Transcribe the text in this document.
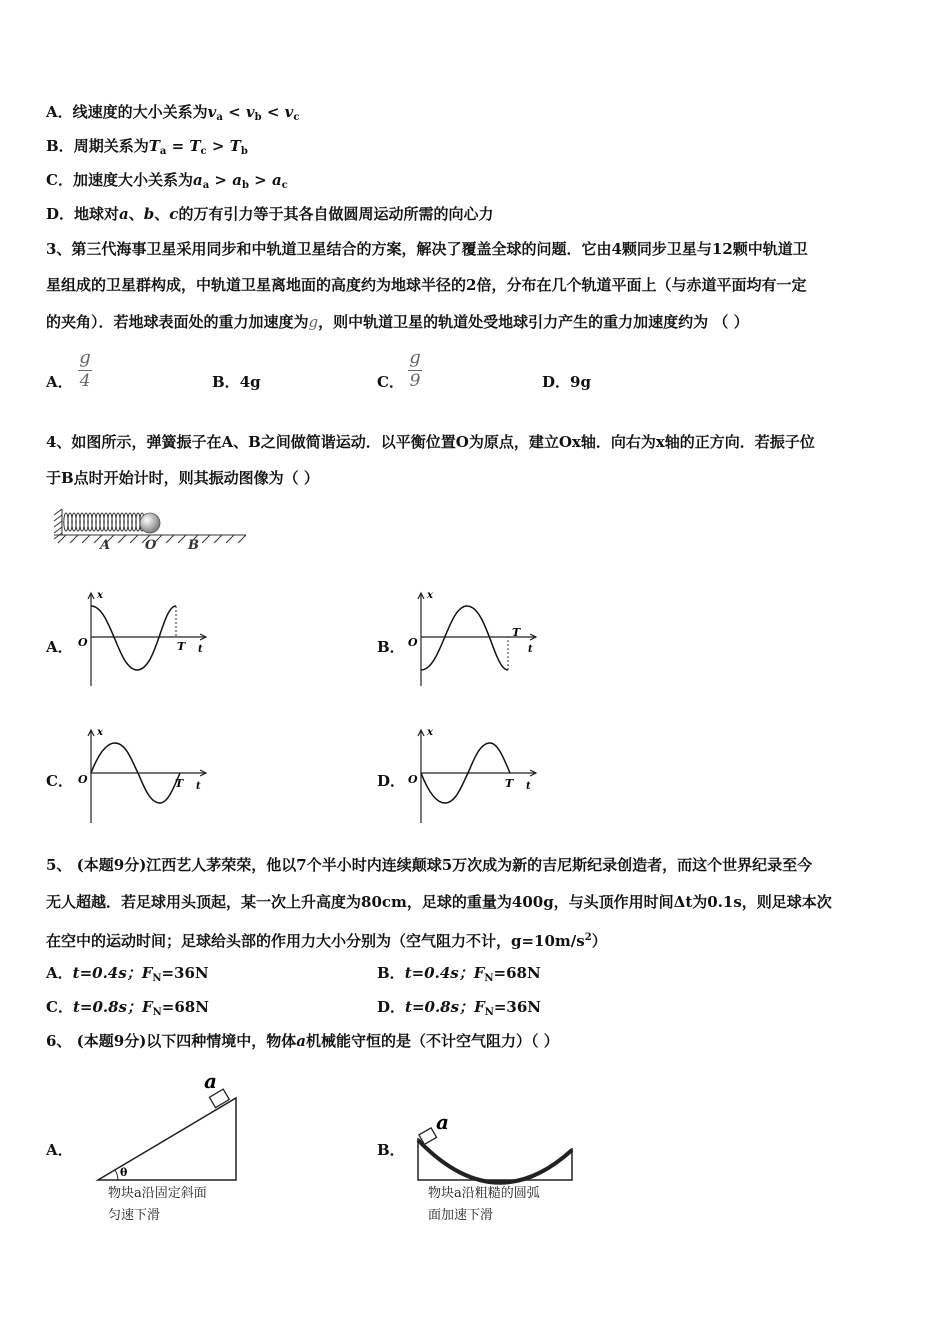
A．线速度的大小关系为$v_a < v_b < v_c$
B．周期关系为$T_a = T_c > T_b$
C．加速度大小关系为$a_a > a_b > a_c$
D．地球对a、b、c的万有引力等于其各自做圆周运动所需的向心力
3、第三代海事卫星采用同步和中轨道卫星结合的方案，解决了覆盖全球的问题．它由4颗同步卫星与12颗中轨道卫
星组成的卫星群构成，中轨道卫星离地面的高度约为地球半径的2倍，分布在几个轨道平面上（与赤道平面均有一定
的夹角）．若地球表面处的重力加速度为g，则中轨道卫星的轨道处受地球引力产生的重力加速度约为 （ ）
A．
g
4	B．4g	C．
g
9	D．9g
4、如图所示，弹簧振子在A、B之间做简谐运动．以平衡位置O为原点，建立Ox轴．向右为x轴的正方向．若振子位
于B点时开始计时，则其振动图像为（ ）
A	O B
A．
x
O	T t	B．
x
O
T
t
C．
x
O	T t	D．
x
O	T t
5、 (本题9分)江西艺人茅荣荣，他以7个半小时内连续颠球5万次成为新的吉尼斯纪录创造者，而这个世界纪录至今
无人超越．若足球用头顶起，某一次上升高度为80cm，足球的重量为400g，与头顶作用时间Δt为0.1s，则足球本次
在空中的运动时间；足球给头部的作用力大小分别为（空气阻力不计，$g=10m/s^2$）
A．t=0.4s；$F_N=36N$	B．t=0.4s；$F_N=68N$
C．t=0.8s；$F_N=68N$	D．t=0.8s；$F_N=36N$
6、 (本题9分)以下四种情境中，物体a机械能守恒的是（不计空气阻力）（ ）
A．
θ
a
物块a沿固定斜面
匀速下滑
B．
a
物块a沿粗糙的圆弧
面加速下滑
